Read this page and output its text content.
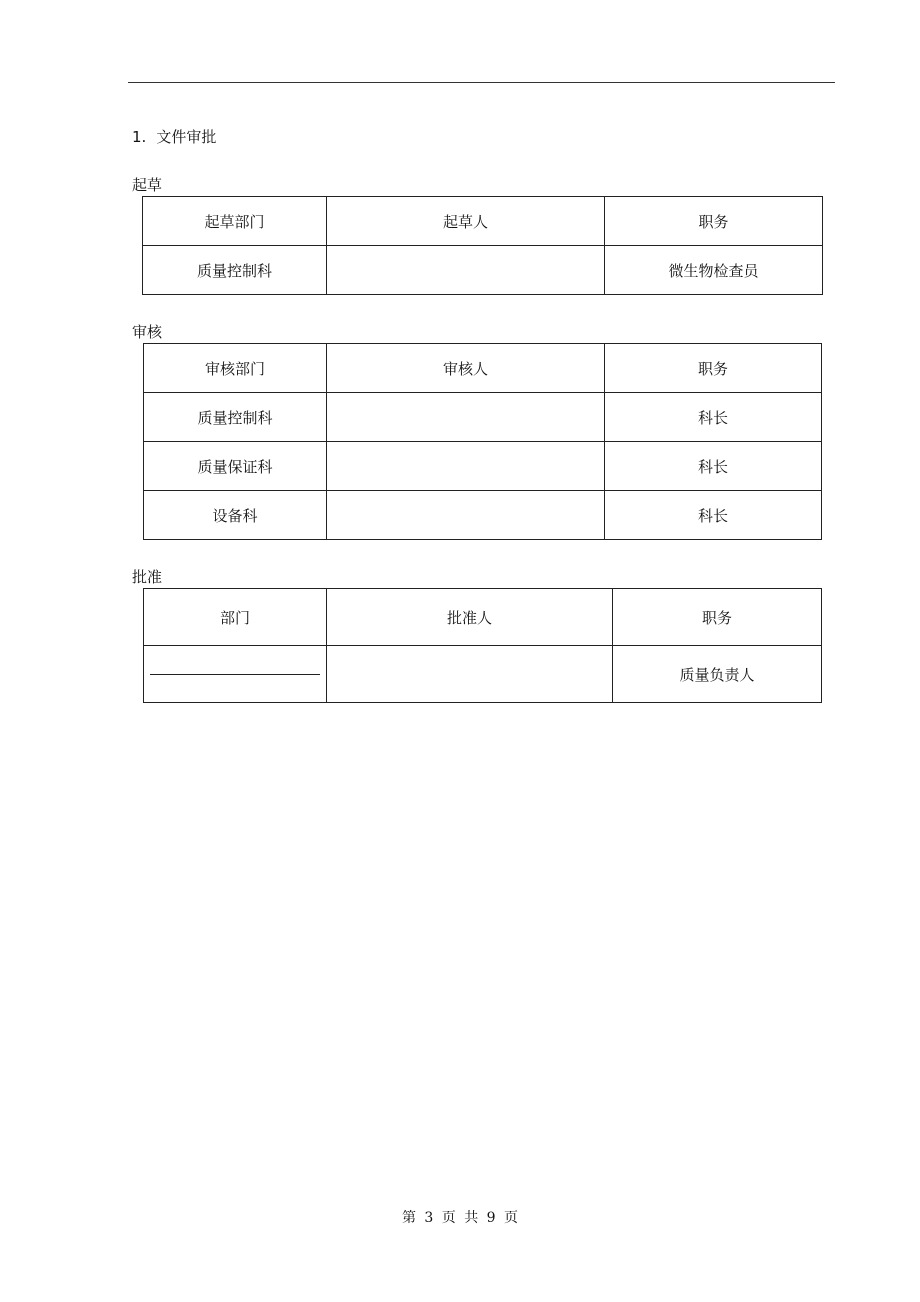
1. 文件审批
起草
起草部门	起草人	职务
质量控制科		微生物检查员
审核
审核部门	审核人	职务
质量控制科		科长
质量保证科		科长
设备科		科长
批准
部门	批准人	职务

		质量负责人
第 3 页 共 9 页
